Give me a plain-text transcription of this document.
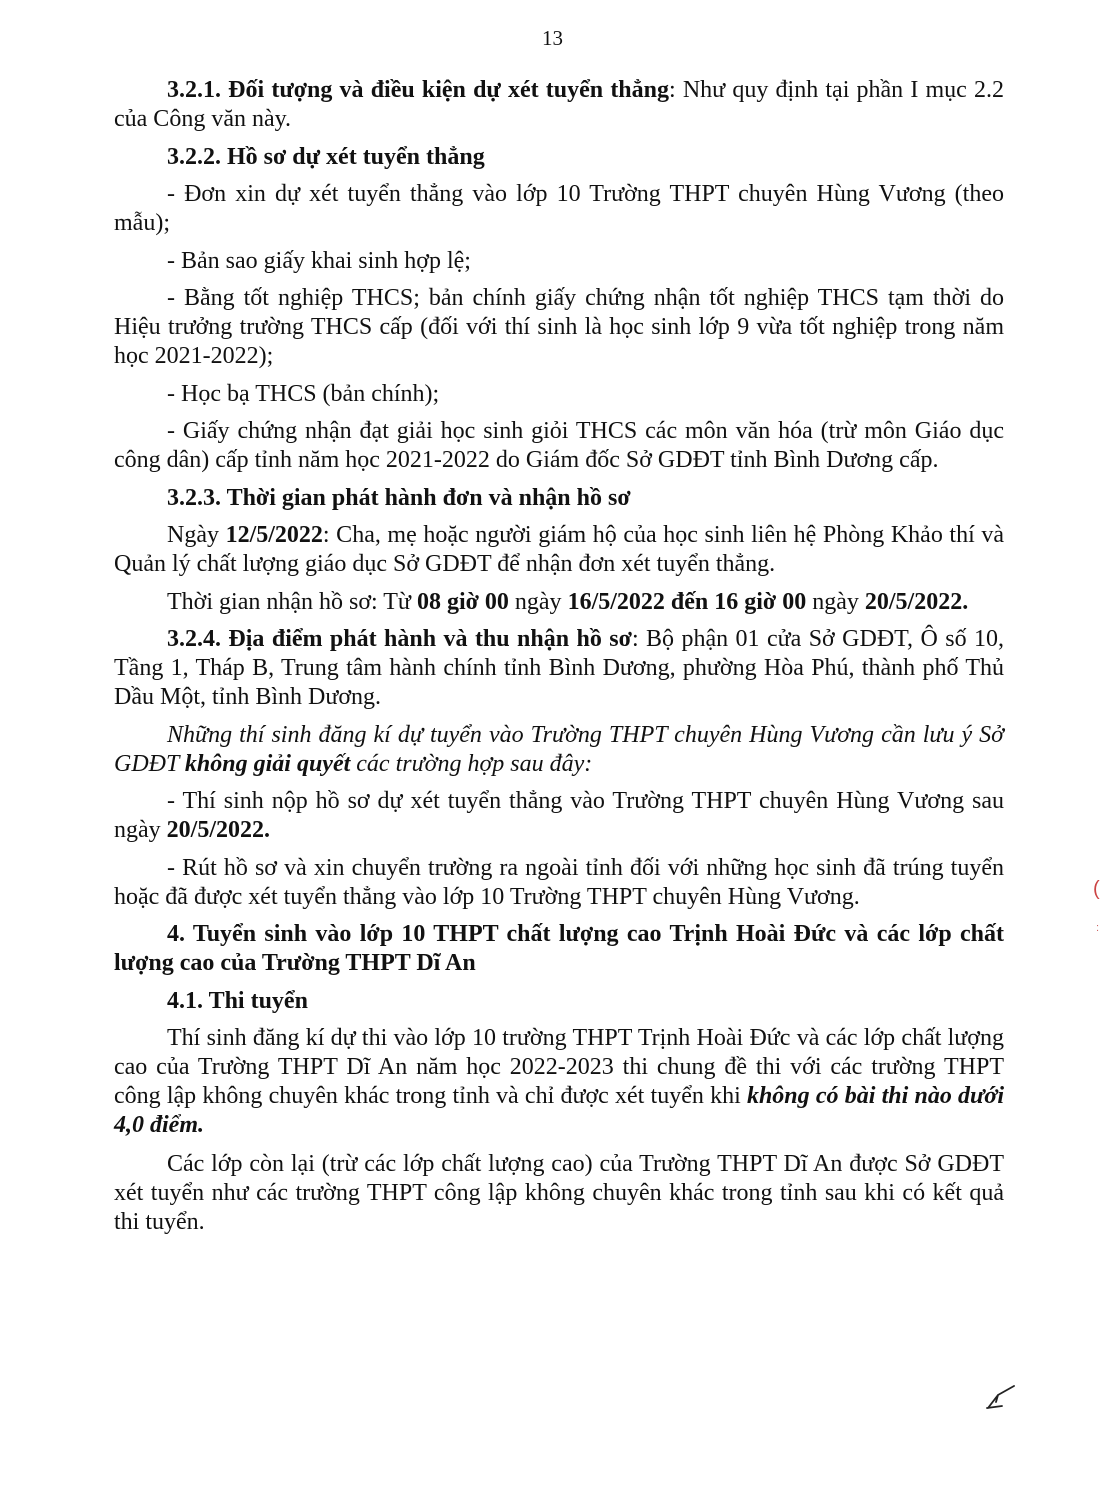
13

3.2.1. Đối tượng và điều kiện dự xét tuyển thẳng: Như quy định tại phần I mục 2.2 của Công văn này.

3.2.2. Hồ sơ dự xét tuyển thẳng

- Đơn xin dự xét tuyển thẳng vào lớp 10 Trường THPT chuyên Hùng Vương (theo mẫu);

- Bản sao giấy khai sinh hợp lệ;

- Bằng tốt nghiệp THCS; bản chính giấy chứng nhận tốt nghiệp THCS tạm thời do Hiệu trưởng trường THCS cấp (đối với thí sinh là học sinh lớp 9 vừa tốt nghiệp trong năm học 2021-2022);

- Học bạ THCS (bản chính);

- Giấy chứng nhận đạt giải học sinh giỏi THCS các môn văn hóa (trừ môn Giáo dục công dân) cấp tỉnh năm học 2021-2022 do Giám đốc Sở GDĐT tỉnh Bình Dương cấp.

3.2.3. Thời gian phát hành đơn và nhận hồ sơ

Ngày 12/5/2022: Cha, mẹ hoặc người giám hộ của học sinh liên hệ Phòng Khảo thí và Quản lý chất lượng giáo dục Sở GDĐT để nhận đơn xét tuyển thẳng.

Thời gian nhận hồ sơ: Từ 08 giờ 00 ngày 16/5/2022 đến 16 giờ 00 ngày 20/5/2022.

3.2.4. Địa điểm phát hành và thu nhận hồ sơ: Bộ phận 01 cửa Sở GDĐT, Ô số 10, Tầng 1, Tháp B, Trung tâm hành chính tỉnh Bình Dương, phường Hòa Phú, thành phố Thủ Dầu Một, tỉnh Bình Dương.

Những thí sinh đăng kí dự tuyển vào Trường THPT chuyên Hùng Vương cần lưu ý Sở GDĐT không giải quyết các trường hợp sau đây:

- Thí sinh nộp hồ sơ dự xét tuyển thẳng vào Trường THPT chuyên Hùng Vương sau ngày 20/5/2022.

- Rút hồ sơ và xin chuyển trường ra ngoài tỉnh đối với những học sinh đã trúng tuyển hoặc đã được xét tuyển thẳng vào lớp 10 Trường THPT chuyên Hùng Vương.

4. Tuyển sinh vào lớp 10 THPT chất lượng cao Trịnh Hoài Đức và các lớp chất lượng cao của Trường THPT Dĩ An

4.1. Thi tuyển

Thí sinh đăng kí dự thi vào lớp 10 trường THPT Trịnh Hoài Đức và các lớp chất lượng cao của Trường THPT Dĩ An năm học 2022-2023 thi chung đề thi với các trường THPT công lập không chuyên khác trong tỉnh và chỉ được xét tuyển khi không có bài thi nào dưới 4,0 điểm.

Các lớp còn lại (trừ các lớp chất lượng cao) của Trường THPT Dĩ An được Sở GDĐT xét tuyển như các trường THPT công lập không chuyên khác trong tỉnh sau khi có kết quả thi tuyển.

(
:
